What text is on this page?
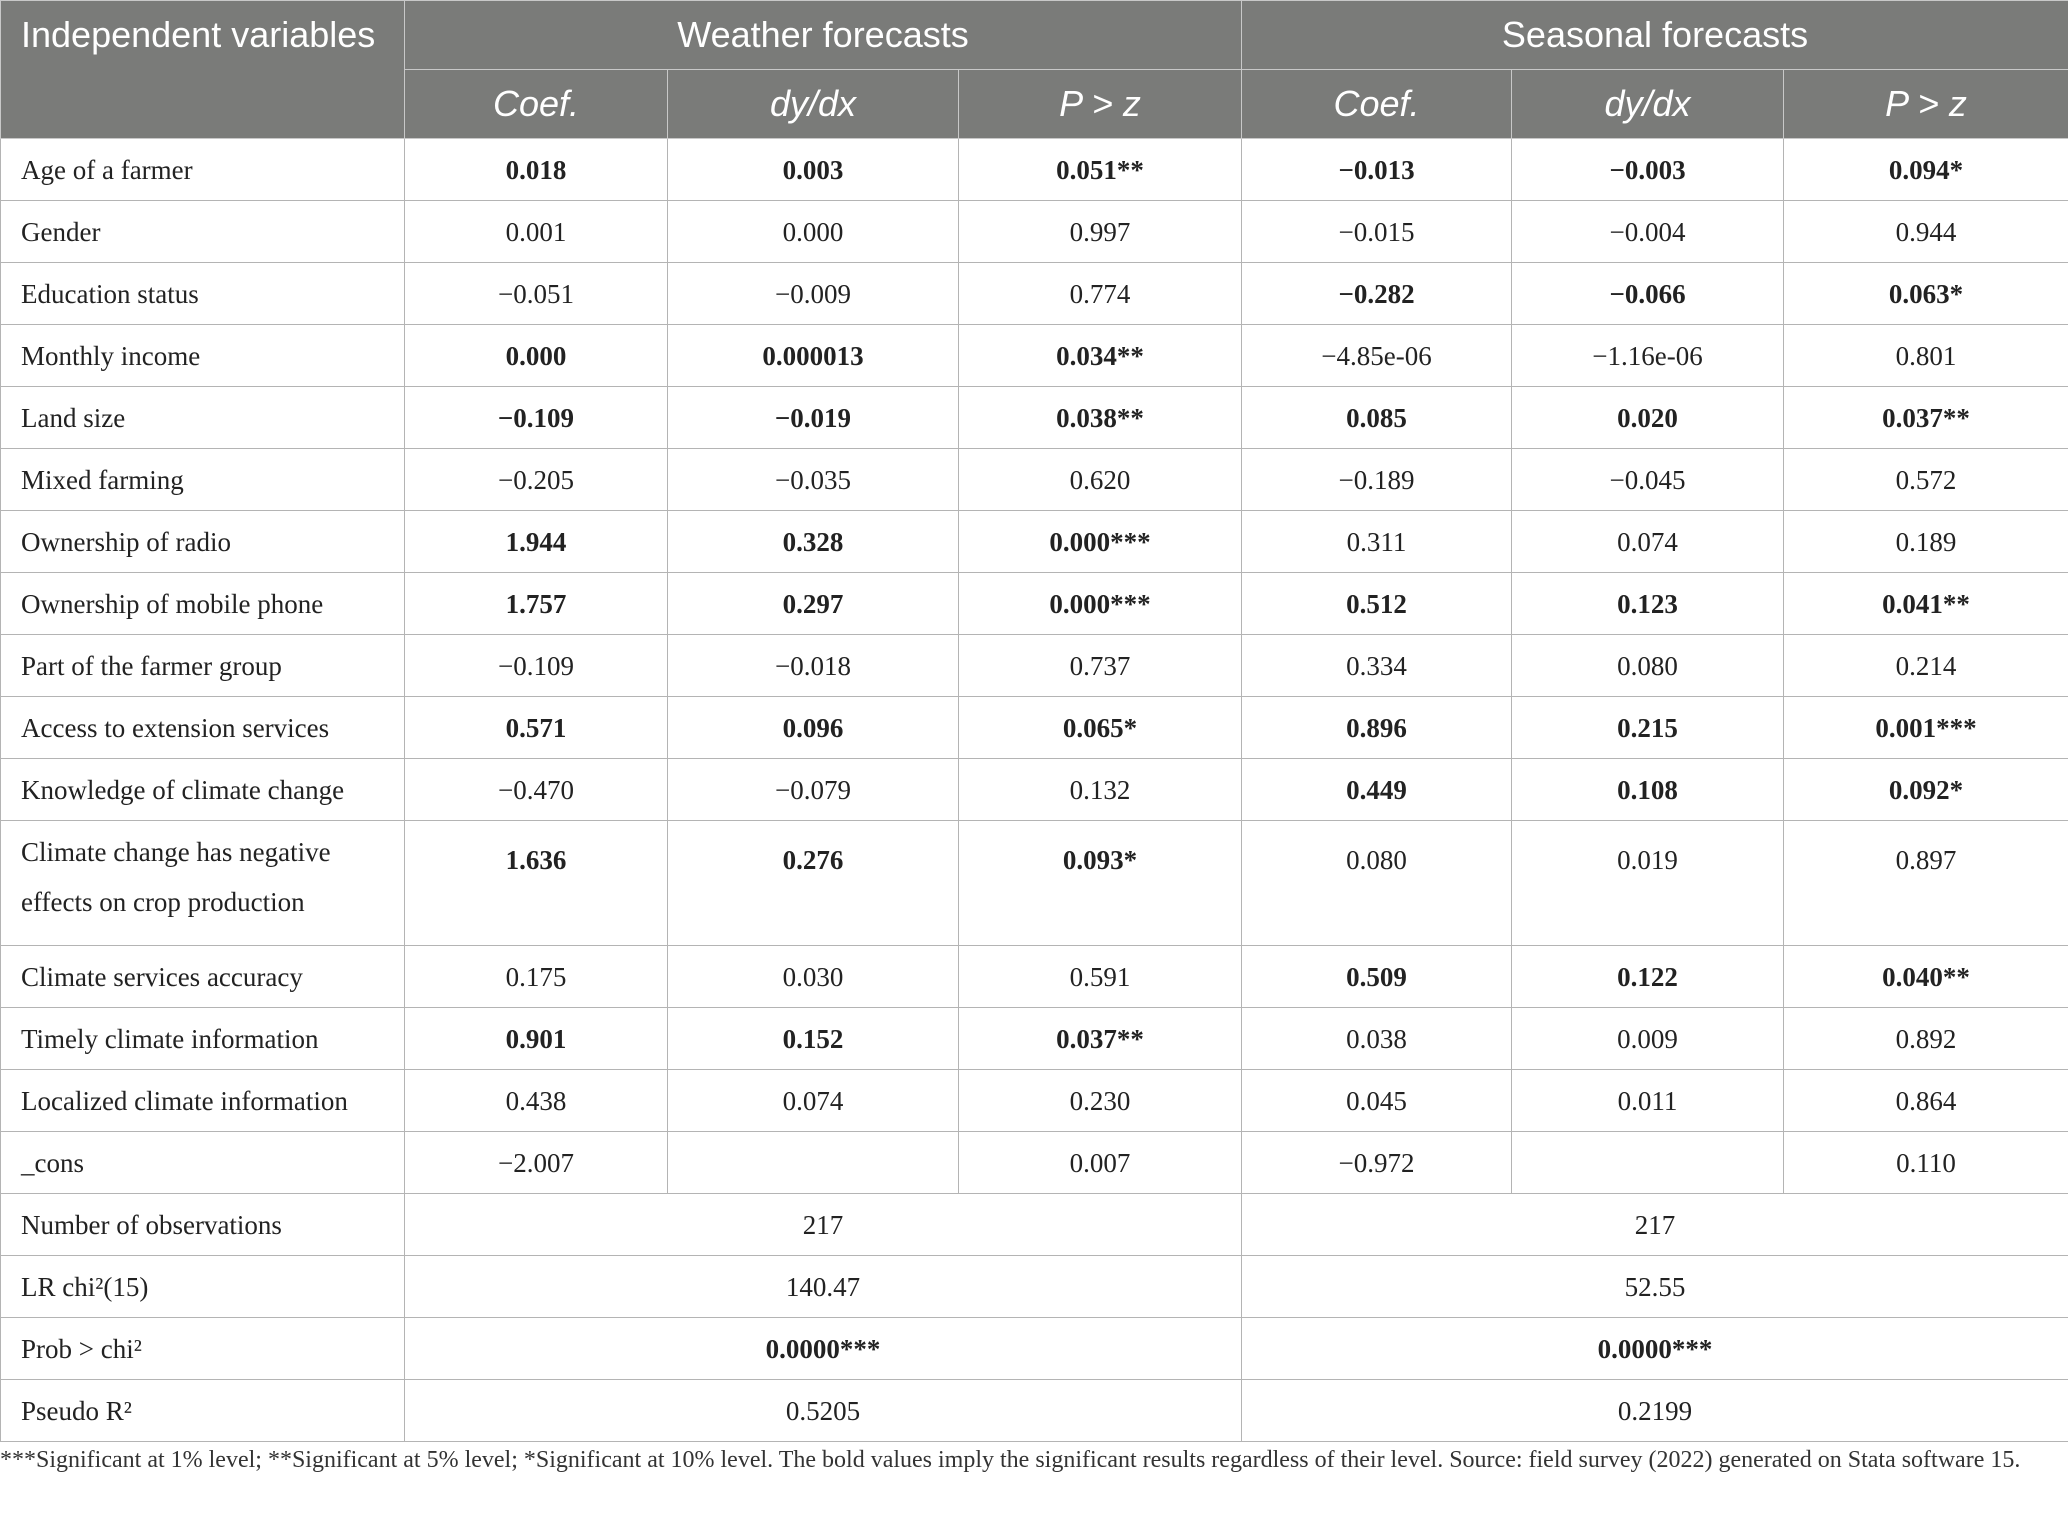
Independent variables	Weather forecasts			Seasonal forecasts		
	Coef.	dy/dx	P > z	Coef.	dy/dx	P > z
Age of a farmer	0.018	0.003	0.051**	−0.013	−0.003	0.094*
Gender	0.001	0.000	0.997	−0.015	−0.004	0.944
Education status	−0.051	−0.009	0.774	−0.282	−0.066	0.063*
Monthly income	0.000	0.000013	0.034**	−4.85e-06	−1.16e-06	0.801
Land size	−0.109	−0.019	0.038**	0.085	0.020	0.037**
Mixed farming	−0.205	−0.035	0.620	−0.189	−0.045	0.572
Ownership of radio	1.944	0.328	0.000***	0.311	0.074	0.189
Ownership of mobile phone	1.757	0.297	0.000***	0.512	0.123	0.041**
Part of the farmer group	−0.109	−0.018	0.737	0.334	0.080	0.214
Access to extension services	0.571	0.096	0.065*	0.896	0.215	0.001***
Knowledge of climate change	−0.470	−0.079	0.132	0.449	0.108	0.092*
Climate change has negative effects on crop production	1.636	0.276	0.093*	0.080	0.019	0.897
Climate services accuracy	0.175	0.030	0.591	0.509	0.122	0.040**
Timely climate information	0.901	0.152	0.037**	0.038	0.009	0.892
Localized climate information	0.438	0.074	0.230	0.045	0.011	0.864
_cons	−2.007		0.007	−0.972		0.110
Number of observations	217			217		
LR chi²(15)	140.47			52.55		
Prob > chi²	0.0000***			0.0000***		
Pseudo R²	0.5205			0.2199		
***Significant at 1% level; **Significant at 5% level; *Significant at 10% level. The bold values imply the significant results regardless of their level. Source: field survey (2022) generated on Stata software 15.
